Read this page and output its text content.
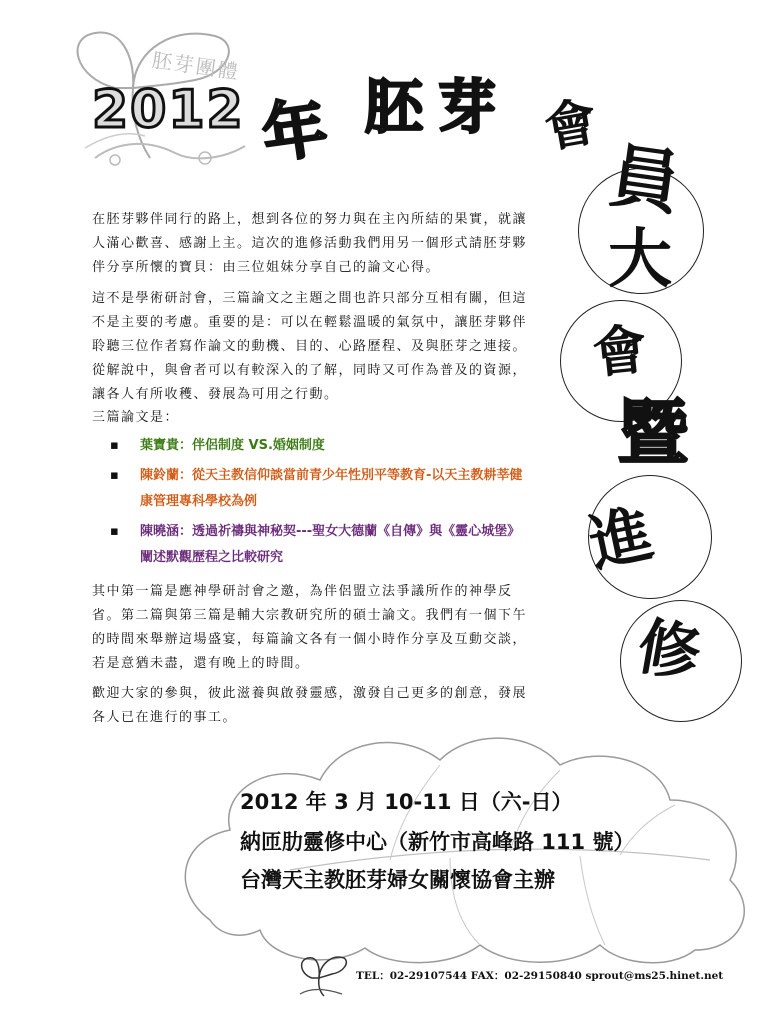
胚芽團體
2012 年 胚 芽 會
員
大
會
暨
進
修

在胚芽夥伴同行的路上，想到各位的努力與在主內所結的果實，就讓人滿心歡喜、感謝上主。這次的進修活動我們用另一個形式請胚芽夥伴分享所懷的寶貝：由三位姐妹分享自己的論文心得。

這不是學術研討會，三篇論文之主題之間也許只部分互相有關，但這不是主要的考慮。重要的是：可以在輕鬆溫暖的氣氛中，讓胚芽夥伴聆聽三位作者寫作論文的動機、目的、心路歷程、及與胚芽之連接。從解說中，與會者可以有較深入的了解，同時又可作為普及的資源，讓各人有所收穫、發展為可用之行動。

三篇論文是：

▪ 葉寶貴：伴侶制度 VS.婚姻制度
▪ 陳鈴蘭：從天主教信仰談當前青少年性別平等教育-以天主教耕莘健康管理專科學校為例
▪ 陳曉涵：透過祈禱與神秘契---聖女大德蘭《自傳》與《靈心城堡》闡述默觀歷程之比較研究

其中第一篇是應神學研討會之邀，為伴侶盟立法爭議所作的神學反省。第二篇與第三篇是輔大宗教研究所的碩士論文。我們有一個下午的時間來舉辦這場盛宴，每篇論文各有一個小時作分享及互動交談，若是意猶未盡，還有晚上的時間。

歡迎大家的參與，彼此滋養與啟發靈感，激發自己更多的創意，發展各人已在進行的事工。

2012 年 3 月 10-11 日（六-日）
納匝肋靈修中心（新竹市高峰路 111 號）
台灣天主教胚芽婦女關懷協會主辦
TEL：02-29107544 FAX：02-29150840 sprout@ms25.hinet.net
